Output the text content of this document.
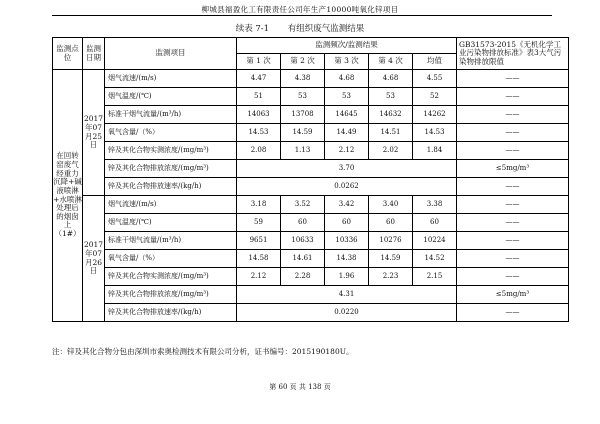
柳城县福盈化工有限责任公司年生产10000吨氧化锌项目
续表 7-1 有组织废气监测结果
监测点位	监测日期	监测项目	监测频次/监测结果					GB31573-2015《无机化学工业污染物排放标准》表3大气污染物排放限值
			第 1 次	第 2 次	第 3 次	第 4 次	均值	
在回转窑废气经重力沉降+碱液喷淋+水喷淋处理后的烟囱上（1#）	2017年07月25日	烟气流速/(m/s)	4.47	4.38	4.68	4.68	4.55	——
		烟气温度/(℃)	51	53	53	53	52	——
		标准干烟气流量/(m³/h)	14063	13708	14645	14632	14262	——
		氧气含量/（%）	14.53	14.59	14.49	14.51	14.53	——
		锌及其化合物实测浓度/(mg/m³)	2.08	1.13	2.12	2.02	1.84	——
		锌及其化合物排放浓度/(mg/m³)	3.70					≤5mg/m³
		锌及其化合物排放速率/(kg/h)	0.0262					——
	2017年07月26日	烟气流速/(m/s)	3.18	3.52	3.42	3.40	3.38	——
		烟气温度/(℃)	59	60	60	60	60	——
		标准干烟气流量/(m³/h)	9651	10633	10336	10276	10224	——
		氧气含量/（%）	14.58	14.61	14.38	14.59	14.52	——
		锌及其化合物实测浓度/(mg/m³)	2.12	2.28	1.96	2.23	2.15	——
		锌及其化合物排放浓度/(mg/m³)	4.31					≤5mg/m³
		锌及其化合物排放速率/(kg/h)	0.0220					——
注：锌及其化合物分包由深圳市索奥检测技术有限公司分析，证书编号：2015190180U。
第 60 页 共 138 页
